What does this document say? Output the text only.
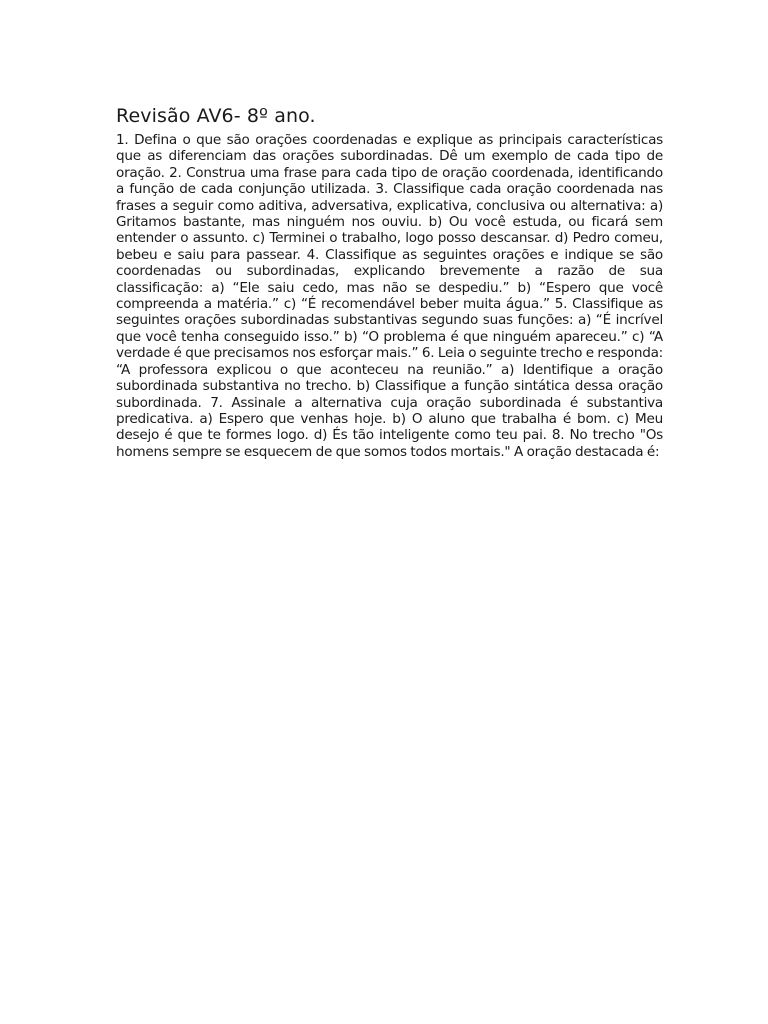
Revisão AV6- 8º ano.

1. Defina o que são orações coordenadas e explique as principais características que as diferenciam das orações subordinadas. Dê um exemplo de cada tipo de oração. 2. Construa uma frase para cada tipo de oração coordenada, identificando a função de cada conjunção utilizada. 3. Classifique cada oração coordenada nas frases a seguir como aditiva, adversativa, explicativa, conclusiva ou alternativa: a) Gritamos bastante, mas ninguém nos ouviu. b) Ou você estuda, ou ficará sem entender o assunto. c) Terminei o trabalho, logo posso descansar. d) Pedro comeu, bebeu e saiu para passear. 4. Classifique as seguintes orações e indique se são coordenadas ou subordinadas, explicando brevemente a razão de sua classificação: a) “Ele saiu cedo, mas não se despediu.” b) “Espero que você compreenda a matéria.” c) “É recomendável beber muita água.” 5. Classifique as seguintes orações subordinadas substantivas segundo suas funções: a) “É incrível que você tenha conseguido isso.” b) “O problema é que ninguém apareceu.” c) “A verdade é que precisamos nos esforçar mais.” 6. Leia o seguinte trecho e responda: “A professora explicou o que aconteceu na reunião.” a) Identifique a oração subordinada substantiva no trecho. b) Classifique a função sintática dessa oração subordinada. 7. Assinale a alternativa cuja oração subordinada é substantiva predicativa. a) Espero que venhas hoje. b) O aluno que trabalha é bom. c) Meu desejo é que te formes logo. d) És tão inteligente como teu pai. 8. No trecho "Os homens sempre se esquecem de que somos todos mortais." A oração destacada é:
